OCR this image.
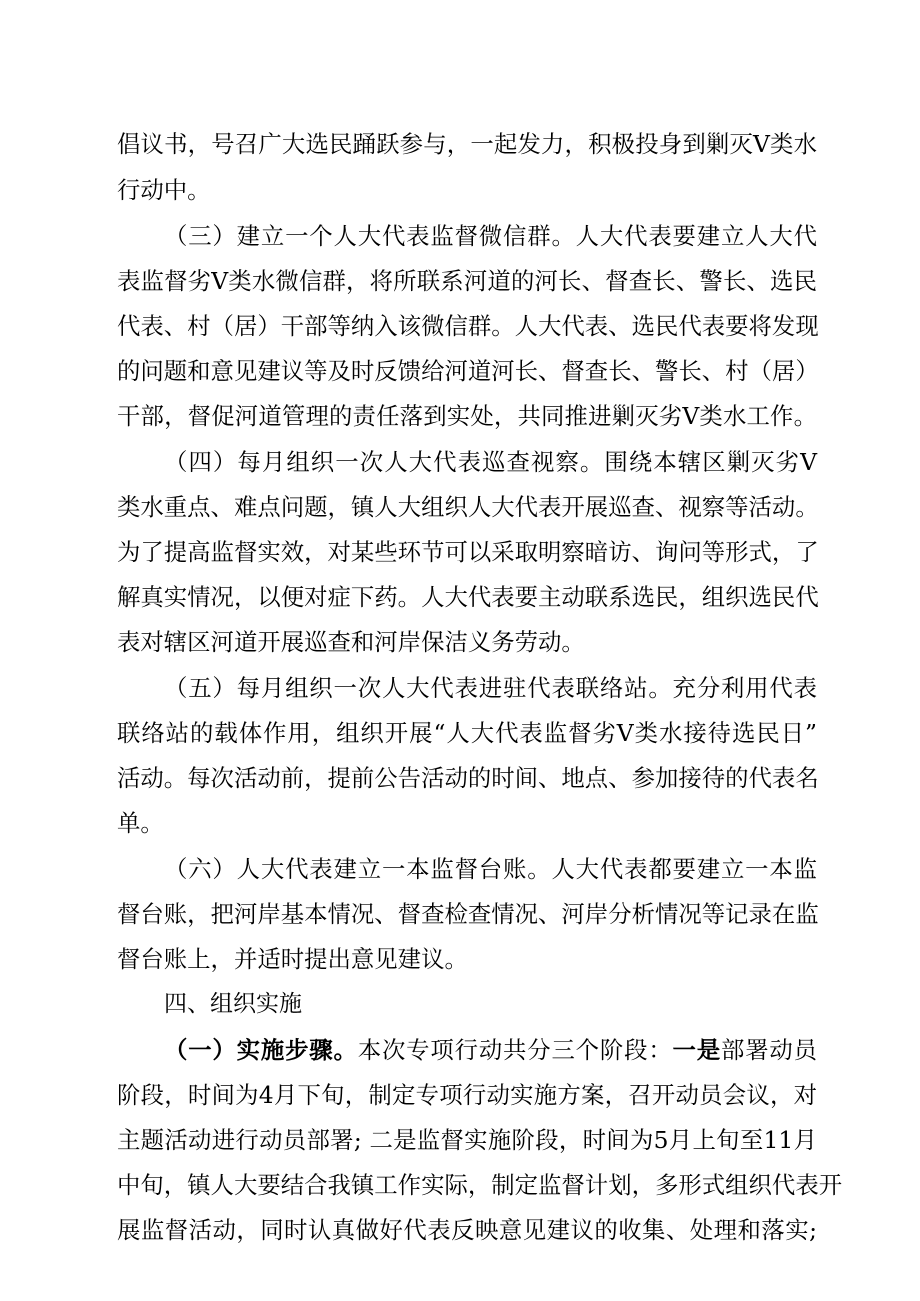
倡议书，号召广大选民踊跃参与，一起发力，积极投身到剿灭Ⅴ类水
行动中。
（三）建立一个人大代表监督微信群。人大代表要建立人大代
表监督劣Ⅴ类水微信群，将所联系河道的河长、督查长、警长、选民
代表、村（居）干部等纳入该微信群。人大代表、选民代表要将发现
的问题和意见建议等及时反馈给河道河长、督查长、警长、村（居）
干部，督促河道管理的责任落到实处，共同推进剿灭劣Ⅴ类水工作。
（四）每月组织一次人大代表巡查视察。围绕本辖区剿灭劣Ⅴ
类水重点、难点问题，镇人大组织人大代表开展巡查、视察等活动。
为了提高监督实效，对某些环节可以采取明察暗访、询问等形式，了
解真实情况，以便对症下药。人大代表要主动联系选民，组织选民代
表对辖区河道开展巡查和河岸保洁义务劳动。
（五）每月组织一次人大代表进驻代表联络站。充分利用代表
联络站的载体作用，组织开展“人大代表监督劣Ⅴ类水接待选民日”
活动。每次活动前，提前公告活动的时间、地点、参加接待的代表名
单。
（六）人大代表建立一本监督台账。人大代表都要建立一本监
督台账，把河岸基本情况、督查检查情况、河岸分析情况等记录在监
督台账上，并适时提出意见建议。
四、组织实施
（一）实施步骤。本次专项行动共分三个阶段：一是部署动员
阶段，时间为4月下旬，制定专项行动实施方案，召开动员会议，对
主题活动进行动员部署; 二是监督实施阶段，时间为5月上旬至11月
中旬，镇人大要结合我镇工作实际，制定监督计划，多形式组织代表开
展监督活动，同时认真做好代表反映意见建议的收集、处理和落实;
